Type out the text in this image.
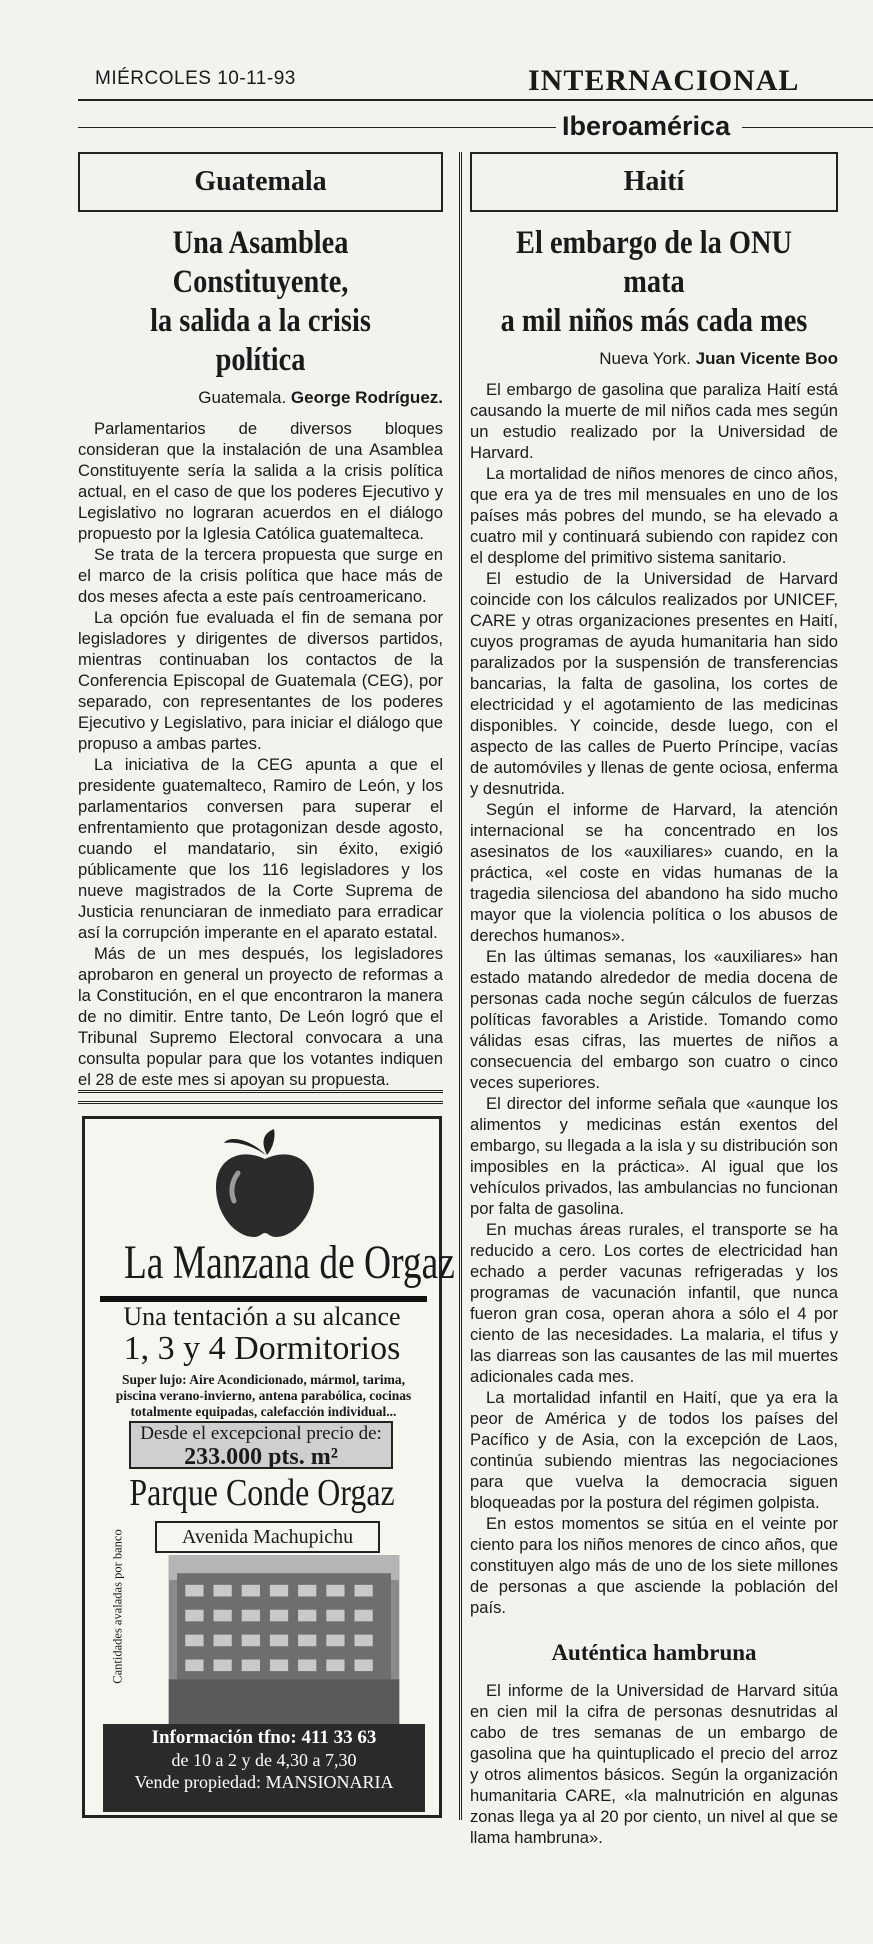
MIÉRCOLES 10-11-93	INTERNACIONAL
Iberoamérica
Guatemala
Una Asamblea Constituyente,
la salida a la crisis política
Guatemala. George Rodríguez.

Parlamentarios de diversos bloques consideran que la instalación de una Asamblea Constituyente sería la salida a la crisis política actual, en el caso de que los poderes Ejecutivo y Legislativo no lograran acuerdos en el diálogo propuesto por la Iglesia Católica guatemalteca.

Se trata de la tercera propuesta que surge en el marco de la crisis política que hace más de dos meses afecta a este país centroamericano.

La opción fue evaluada el fin de semana por legisladores y dirigentes de diversos partidos, mientras continuaban los contactos de la Conferencia Episcopal de Guatemala (CEG), por separado, con representantes de los poderes Ejecutivo y Legislativo, para iniciar el diálogo que propuso a ambas partes.

La iniciativa de la CEG apunta a que el presidente guatemalteco, Ramiro de León, y los parlamentarios conversen para superar el enfrentamiento que protagonizan desde agosto, cuando el mandatario, sin éxito, exigió públicamente que los 116 legisladores y los nueve magistrados de la Corte Suprema de Justicia renunciaran de inmediato para erradicar así la corrupción imperante en el aparato estatal.

Más de un mes después, los legisladores aprobaron en general un proyecto de reformas a la Constitución, en el que encontraron la manera de no dimitir. Entre tanto, De León logró que el Tribunal Supremo Electoral convocara a una consulta popular para que los votantes indiquen el 28 de este mes si apoyan su propuesta.

La Manzana de Orgaz
Una tentación a su alcance
1, 3 y 4 Dormitorios
Super lujo: Aire Acondicionado, mármol, tarima, piscina verano-invierno, antena parabólica, cocinas totalmente equipadas, calefacción individual...
Desde el excepcional precio de:
233.000 pts. m²
Parque Conde Orgaz
Avenida Machupichu
Cantidades avaladas por banco
Información tfno: 411 33 63
de 10 a 2 y de 4,30 a 7,30
Vende propiedad: MANSIONARIA
Haití
El embargo de la ONU mata
a mil niños más cada mes
Nueva York. Juan Vicente Boo

El embargo de gasolina que paraliza Haití está causando la muerte de mil niños cada mes según un estudio realizado por la Universidad de Harvard.

La mortalidad de niños menores de cinco años, que era ya de tres mil mensuales en uno de los países más pobres del mundo, se ha elevado a cuatro mil y continuará subiendo con rapidez con el desplome del primitivo sistema sanitario.

El estudio de la Universidad de Harvard coincide con los cálculos realizados por UNICEF, CARE y otras organizaciones presentes en Haití, cuyos programas de ayuda humanitaria han sido paralizados por la suspensión de transferencias bancarias, la falta de gasolina, los cortes de electricidad y el agotamiento de las medicinas disponibles. Y coincide, desde luego, con el aspecto de las calles de Puerto Príncipe, vacías de automóviles y llenas de gente ociosa, enferma y desnutrida.

Según el informe de Harvard, la atención internacional se ha concentrado en los asesinatos de los «auxiliares» cuando, en la práctica, «el coste en vidas humanas de la tragedia silenciosa del abandono ha sido mucho mayor que la violencia política o los abusos de derechos humanos».

En las últimas semanas, los «auxiliares» han estado matando alrededor de media docena de personas cada noche según cálculos de fuerzas políticas favorables a Aristide. Tomando como válidas esas cifras, las muertes de niños a consecuencia del embargo son cuatro o cinco veces superiores.

El director del informe señala que «aunque los alimentos y medicinas están exentos del embargo, su llegada a la isla y su distribución son imposibles en la práctica». Al igual que los vehículos privados, las ambulancias no funcionan por falta de gasolina.

En muchas áreas rurales, el transporte se ha reducido a cero. Los cortes de electricidad han echado a perder vacunas refrigeradas y los programas de vacunación infantil, que nunca fueron gran cosa, operan ahora a sólo el 4 por ciento de las necesidades. La malaria, el tifus y las diarreas son las causantes de las mil muertes adicionales cada mes.

La mortalidad infantil en Haití, que ya era la peor de América y de todos los países del Pacífico y de Asia, con la excepción de Laos, continúa subiendo mientras las negociaciones para que vuelva la democracia siguen bloqueadas por la postura del régimen golpista.

En estos momentos se sitúa en el veinte por ciento para los niños menores de cinco años, que constituyen algo más de uno de los siete millones de personas a que asciende la población del país.

Auténtica hambruna

El informe de la Universidad de Harvard sitúa en cien mil la cifra de personas desnutridas al cabo de tres semanas de un embargo de gasolina que ha quintuplicado el precio del arroz y otros alimentos básicos. Según la organización humanitaria CARE, «la malnutrición en algunas zonas llega ya al 20 por ciento, un nivel al que se llama hambruna».
